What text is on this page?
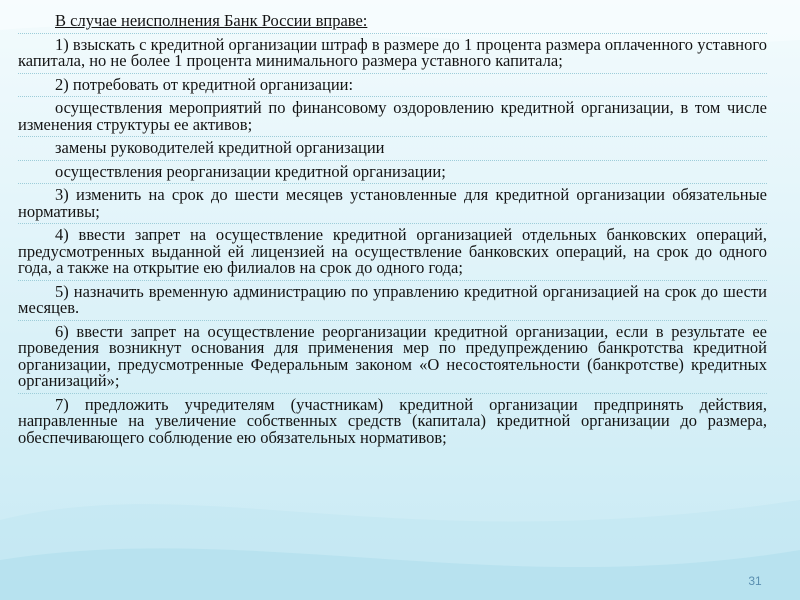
В случае неисполнения Банк России вправе:

1) взыскать с кредитной организации штраф в размере до 1 процента размера оплаченного уставного капитала, но не более 1 процента минимального размера уставного капитала;

2) потребовать от кредитной организации:

осуществления мероприятий по финансовому оздоровлению кредитной организации, в том числе изменения структуры ее активов;

замены руководителей кредитной организации

осуществления реорганизации кредитной организации;

3) изменить на срок до шести месяцев установленные для кредитной организации обязательные нормативы;

4) ввести запрет на осуществление кредитной организацией отдельных банковских операций, предусмотренных выданной ей лицензией на осуществление банковских операций, на срок до одного года, а также на открытие ею филиалов на срок до одного года;

5) назначить временную администрацию по управлению кредитной организацией на срок до шести месяцев.

6) ввести запрет на осуществление реорганизации кредитной организации, если в результате ее проведения возникнут основания для применения мер по предупреждению банкротства кредитной организации, предусмотренные Федеральным законом «О несостоятельности (банкротстве) кредитных организаций»;

7) предложить учредителям (участникам) кредитной организации предпринять действия, направленные на увеличение собственных средств (капитала) кредитной организации до размера, обеспечивающего соблюдение ею обязательных нормативов;

31
